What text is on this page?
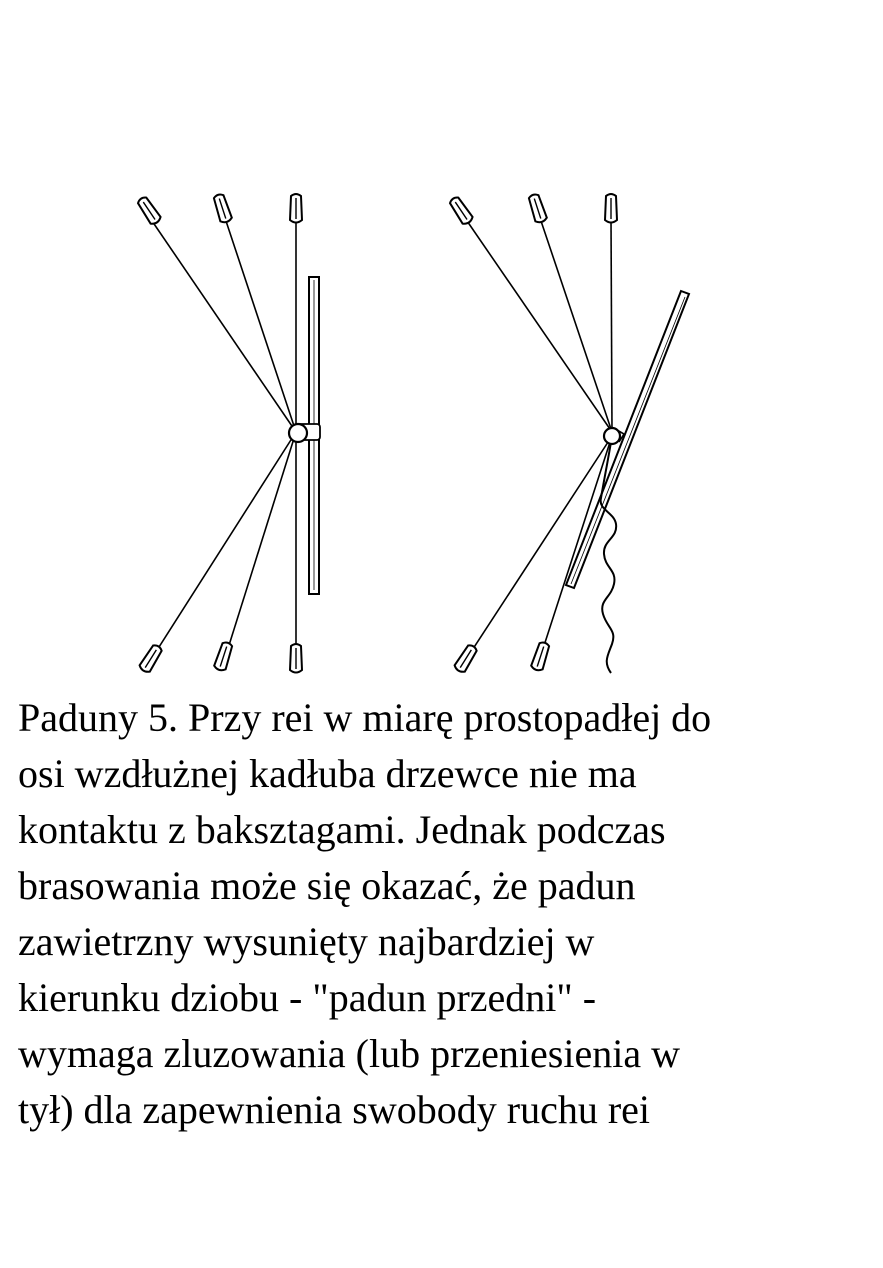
Paduny 5. Przy rei w miarę prostopadłej do
osi wzdłużnej kadłuba drzewce nie ma
kontaktu z baksztagami. Jednak podczas
brasowania może się okazać, że padun
zawietrzny wysunięty najbardziej w
kierunku dziobu - "padun przedni" -
wymaga zluzowania (lub przeniesienia w
tył) dla zapewnienia swobody ruchu rei
